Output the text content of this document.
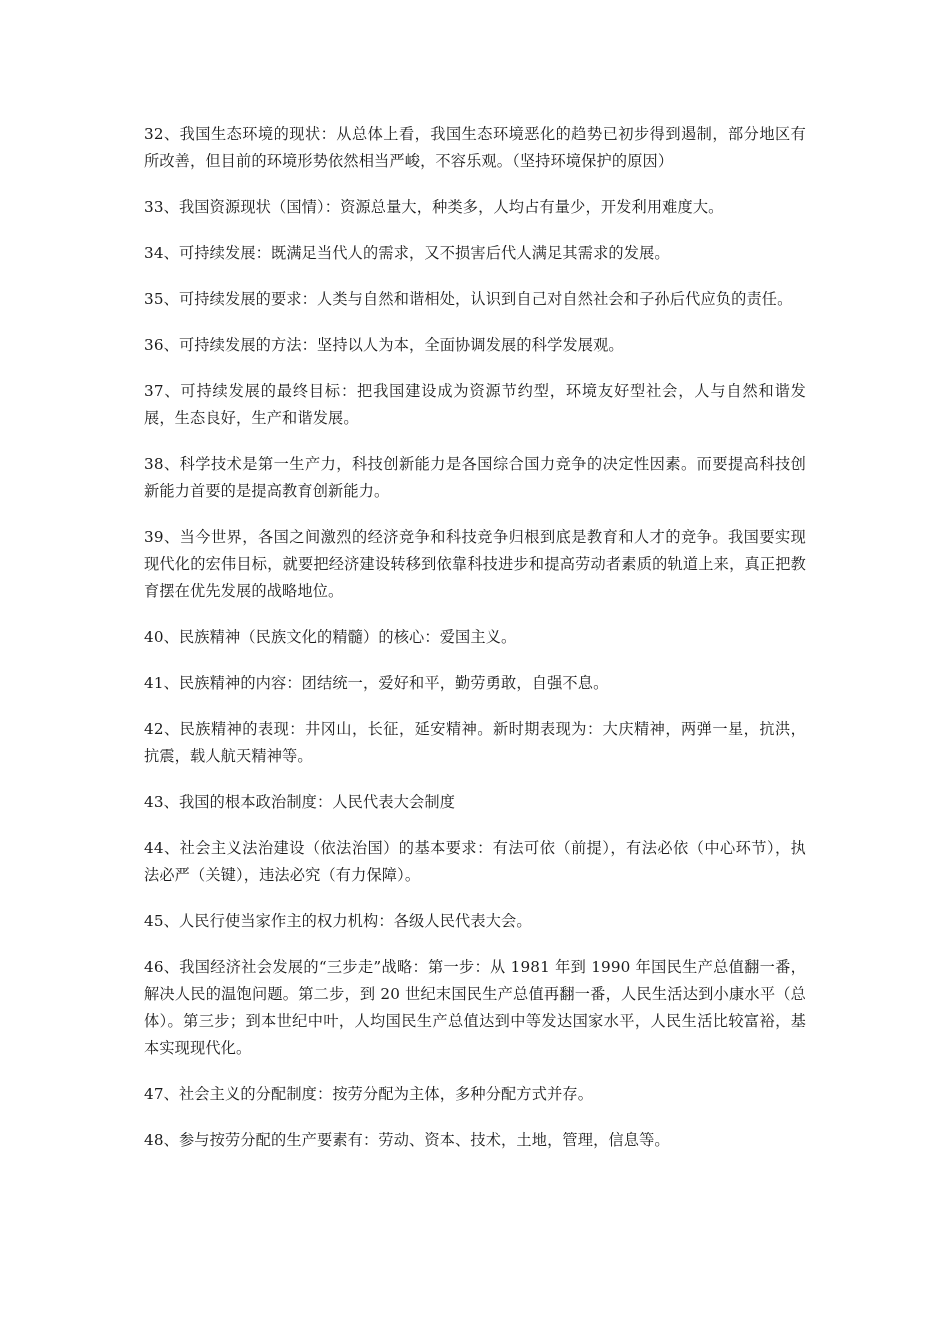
32、我国生态环境的现状：从总体上看，我国生态环境恶化的趋势已初步得到遏制，部分地区有所改善，但目前的环境形势依然相当严峻，不容乐观。（坚持环境保护的原因）

33、我国资源现状（国情）：资源总量大，种类多，人均占有量少，开发利用难度大。

34、可持续发展：既满足当代人的需求，又不损害后代人满足其需求的发展。

35、可持续发展的要求：人类与自然和谐相处，认识到自己对自然社会和子孙后代应负的责任。

36、可持续发展的方法：坚持以人为本，全面协调发展的科学发展观。

37、可持续发展的最终目标：把我国建设成为资源节约型，环境友好型社会，人与自然和谐发展，生态良好，生产和谐发展。

38、科学技术是第一生产力，科技创新能力是各国综合国力竞争的决定性因素。而要提高科技创新能力首要的是提高教育创新能力。

39、当今世界，各国之间激烈的经济竞争和科技竞争归根到底是教育和人才的竞争。我国要实现现代化的宏伟目标，就要把经济建设转移到依靠科技进步和提高劳动者素质的轨道上来，真正把教育摆在优先发展的战略地位。

40、民族精神（民族文化的精髓）的核心：爱国主义。

41、民族精神的内容：团结统一，爱好和平，勤劳勇敢，自强不息。

42、民族精神的表现：井冈山，长征，延安精神。新时期表现为：大庆精神，两弹一星，抗洪，抗震，载人航天精神等。

43、我国的根本政治制度：人民代表大会制度

44、社会主义法治建设（依法治国）的基本要求：有法可依（前提），有法必依（中心环节），执法必严（关键），违法必究（有力保障）。

45、人民行使当家作主的权力机构：各级人民代表大会。

46、我国经济社会发展的“三步走”战略：第一步：从 1981 年到 1990 年国民生产总值翻一番，解决人民的温饱问题。第二步，到 20 世纪末国民生产总值再翻一番，人民生活达到小康水平（总体）。第三步；到本世纪中叶，人均国民生产总值达到中等发达国家水平，人民生活比较富裕，基本实现现代化。

47、社会主义的分配制度：按劳分配为主体，多种分配方式并存。

48、参与按劳分配的生产要素有：劳动、资本、技术，土地，管理，信息等。
